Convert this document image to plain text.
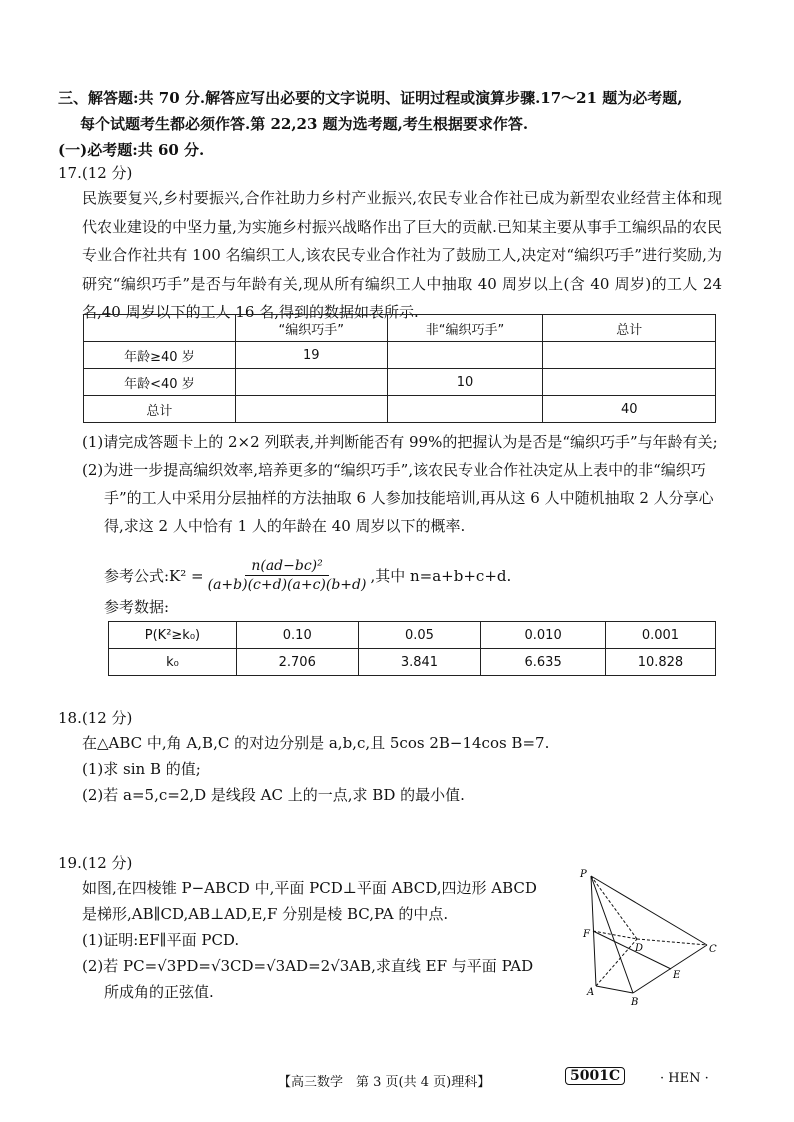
三、解答题:共 70 分.解答应写出必要的文字说明、证明过程或演算步骤.17～21 题为必考题,
每个试题考生都必须作答.第 22,23 题为选考题,考生根据要求作答.
(一)必考题:共 60 分.
17.(12 分)
民族要复兴,乡村要振兴,合作社助力乡村产业振兴,农民专业合作社已成为新型农业经营主体和现代农业建设的中坚力量,为实施乡村振兴战略作出了巨大的贡献.已知某主要从事手工编织品的农民专业合作社共有 100 名编织工人,该农民专业合作社为了鼓励工人,决定对“编织巧手”进行奖励,为研究“编织巧手”是否与年龄有关,现从所有编织工人中抽取 40 周岁以上(含 40 周岁)的工人 24 名,40 周岁以下的工人 16 名,得到的数据如表所示.
	“编织巧手”	非“编织巧手”	总计
年龄≥40 岁	19		
年龄<40 岁		10	
总计			40
(1)请完成答题卡上的 2×2 列联表,并判断能否有 99%的把握认为是否是“编织巧手”与年龄有关;
(2)为进一步提高编织效率,培养更多的“编织巧手”,该农民专业合作社决定从上表中的非“编织巧手”的工人中采用分层抽样的方法抽取 6 人参加技能培训,再从这 6 人中随机抽取 2 人分享心得,求这 2 人中恰有 1 人的年龄在 40 周岁以下的概率.
参考公式:K² = $\frac{\text{n(ad−bc)²}}{(a+b)(c+d)(a+c)(b+d)}$ ,其中 n=a+b+c+d.
参考数据:
P(K²≥k₀)	0.10	0.05	0.010	0.001
k₀	2.706	3.841	6.635	10.828
18.(12 分)
在△ABC 中,角 A,B,C 的对边分别是 a,b,c,且 5cos 2B−14cos B=7.
(1)求 sin B 的值;
(2)若 a=5,c=2,D 是线段 AC 上的一点,求 BD 的最小值.
19.(12 分)
如图,在四棱锥 P−ABCD 中,平面 PCD⊥平面 ABCD,四边形 ABCD
是梯形,AB∥CD,AB⊥AD,E,F 分别是棱 BC,PA 的中点.
(1)证明:EF∥平面 PCD.
(2)若 PC=√3PD=√3CD=√3AD=2√3AB,求直线 EF 与平面 PAD
所成角的正弦值.
P
F
D	C
E
A
B
【高三数学　第 3 页(共 4 页)理科】	5001C	· HEN ·
